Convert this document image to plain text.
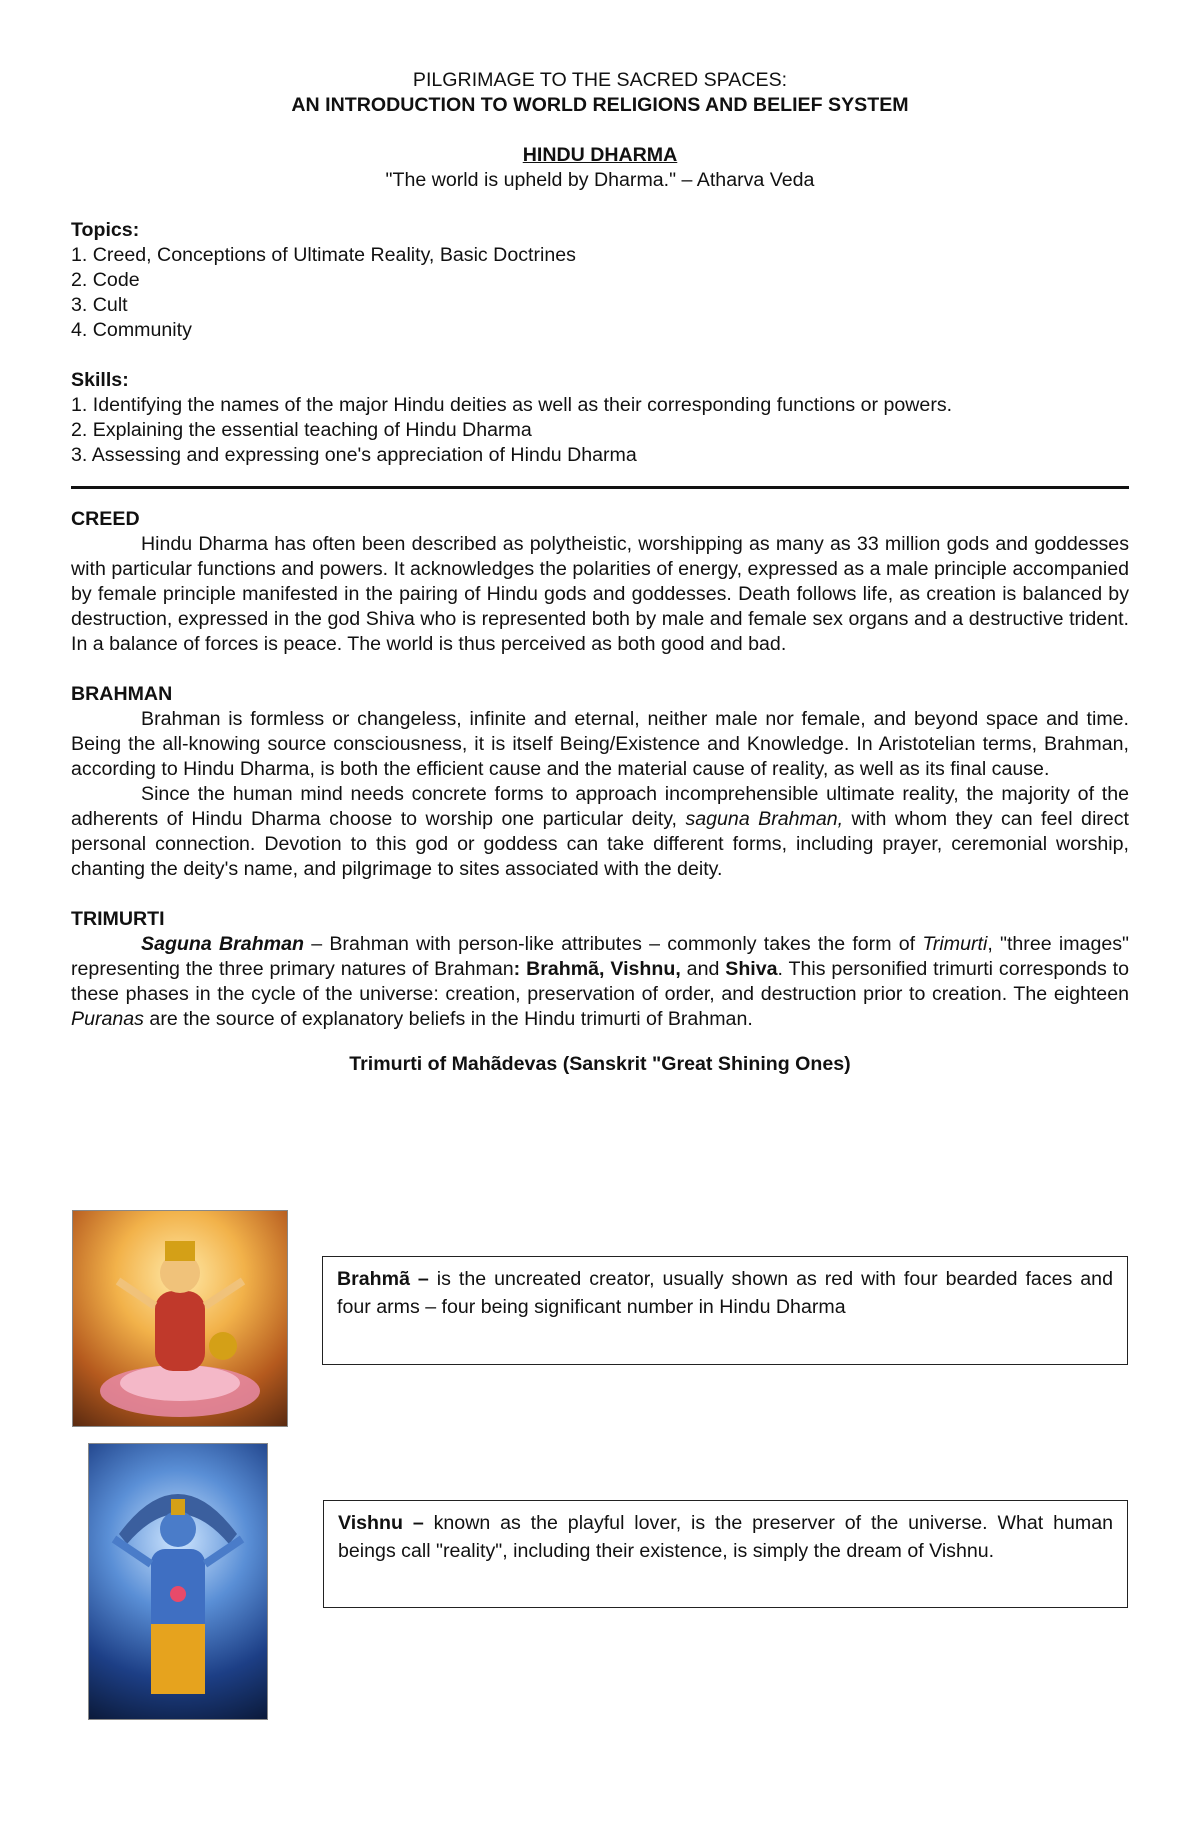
PILGRIMAGE TO THE SACRED SPACES:

AN INTRODUCTION TO WORLD RELIGIONS AND BELIEF SYSTEM

HINDU DHARMA

"The world is upheld by Dharma." – Atharva Veda

Topics:

1. Creed, Conceptions of Ultimate Reality, Basic Doctrines
2. Code
3. Cult
4. Community

Skills:

1. Identifying the names of the major Hindu deities as well as their corresponding functions or powers.
2. Explaining the essential teaching of Hindu Dharma
3. Assessing and expressing one's appreciation of Hindu Dharma

CREED

Hindu Dharma has often been described as polytheistic, worshipping as many as 33 million gods and goddesses with particular functions and powers. It acknowledges the polarities of energy, expressed as a male principle accompanied by female principle manifested in the pairing of Hindu gods and goddesses. Death follows life, as creation is balanced by destruction, expressed in the god Shiva who is represented both by male and female sex organs and a destructive trident. In a balance of forces is peace. The world is thus perceived as both good and bad.

BRAHMAN

Brahman is formless or changeless, infinite and eternal, neither male nor female, and beyond space and time. Being the all-knowing source consciousness, it is itself Being/Existence and Knowledge. In Aristotelian terms, Brahman, according to Hindu Dharma, is both the efficient cause and the material cause of reality, as well as its final cause.

Since the human mind needs concrete forms to approach incomprehensible ultimate reality, the majority of the adherents of Hindu Dharma choose to worship one particular deity, saguna Brahman, with whom they can feel direct personal connection. Devotion to this god or goddess can take different forms, including prayer, ceremonial worship, chanting the deity's name, and pilgrimage to sites associated with the deity.

TRIMURTI

Saguna Brahman – Brahman with person-like attributes – commonly takes the form of Trimurti, "three images" representing the three primary natures of Brahman: Brahmã, Vishnu, and Shiva. This personified trimurti corresponds to these phases in the cycle of the universe: creation, preservation of order, and destruction prior to creation. The eighteen Puranas are the source of explanatory beliefs in the Hindu trimurti of Brahman.

Trimurti of Mahãdevas (Sanskrit "Great Shining Ones)

Brahmã – is the uncreated creator, usually shown as red with four bearded faces and four arms – four being significant number in Hindu Dharma
Vishnu – known as the playful lover, is the preserver of the universe. What human beings call "reality", including their existence, is simply the dream of Vishnu.
